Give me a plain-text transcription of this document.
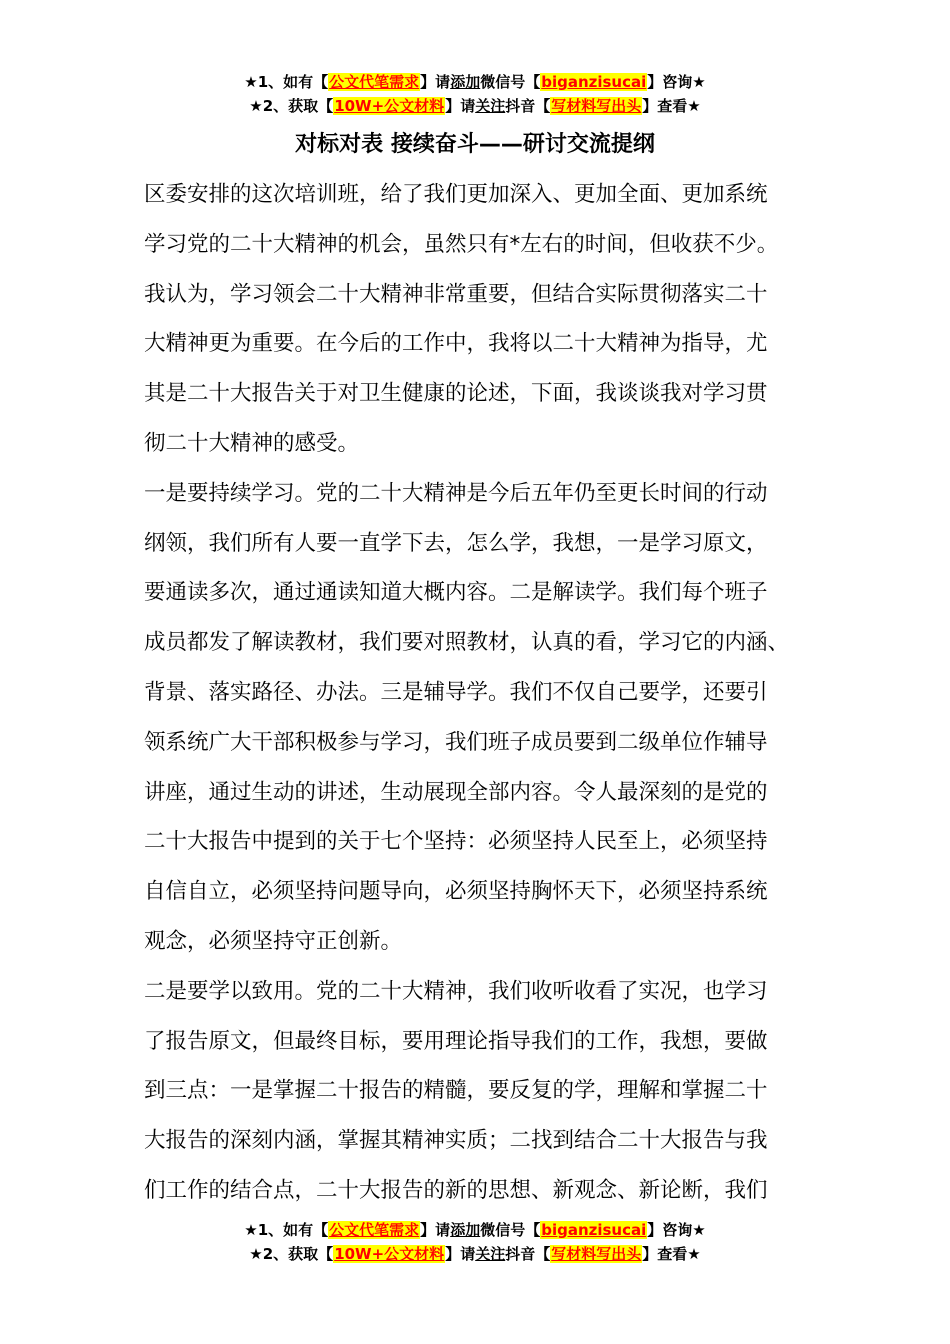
★1、如有【公文代笔需求】请添加微信号【biganzisucai】咨询★
★2、获取【10W+公文材料】请关注抖音【写材料写出头】查看★
对标对表 接续奋斗——研讨交流提纲
区委安排的这次培训班，给了我们更加深入、更加全面、更加系统
学习党的二十大精神的机会，虽然只有*左右的时间，但收获不少。
我认为，学习领会二十大精神非常重要，但结合实际贯彻落实二十
大精神更为重要。在今后的工作中，我将以二十大精神为指导，尤
其是二十大报告关于对卫生健康的论述，下面，我谈谈我对学习贯
彻二十大精神的感受。
一是要持续学习。党的二十大精神是今后五年仍至更长时间的行动
纲领，我们所有人要一直学下去，怎么学，我想，一是学习原文，
要通读多次，通过通读知道大概内容。二是解读学。我们每个班子
成员都发了解读教材，我们要对照教材，认真的看，学习它的内涵、
背景、落实路径、办法。三是辅导学。我们不仅自己要学，还要引
领系统广大干部积极参与学习，我们班子成员要到二级单位作辅导
讲座，通过生动的讲述，生动展现全部内容。令人最深刻的是党的
二十大报告中提到的关于七个坚持：必须坚持人民至上，必须坚持
自信自立，必须坚持问题导向，必须坚持胸怀天下，必须坚持系统
观念，必须坚持守正创新。
二是要学以致用。党的二十大精神，我们收听收看了实况，也学习
了报告原文，但最终目标，要用理论指导我们的工作，我想，要做
到三点：一是掌握二十报告的精髓，要反复的学，理解和掌握二十
大报告的深刻内涵，掌握其精神实质；二找到结合二十大报告与我
们工作的结合点，二十大报告的新的思想、新观念、新论断，我们
★1、如有【公文代笔需求】请添加微信号【biganzisucai】咨询★
★2、获取【10W+公文材料】请关注抖音【写材料写出头】查看★
